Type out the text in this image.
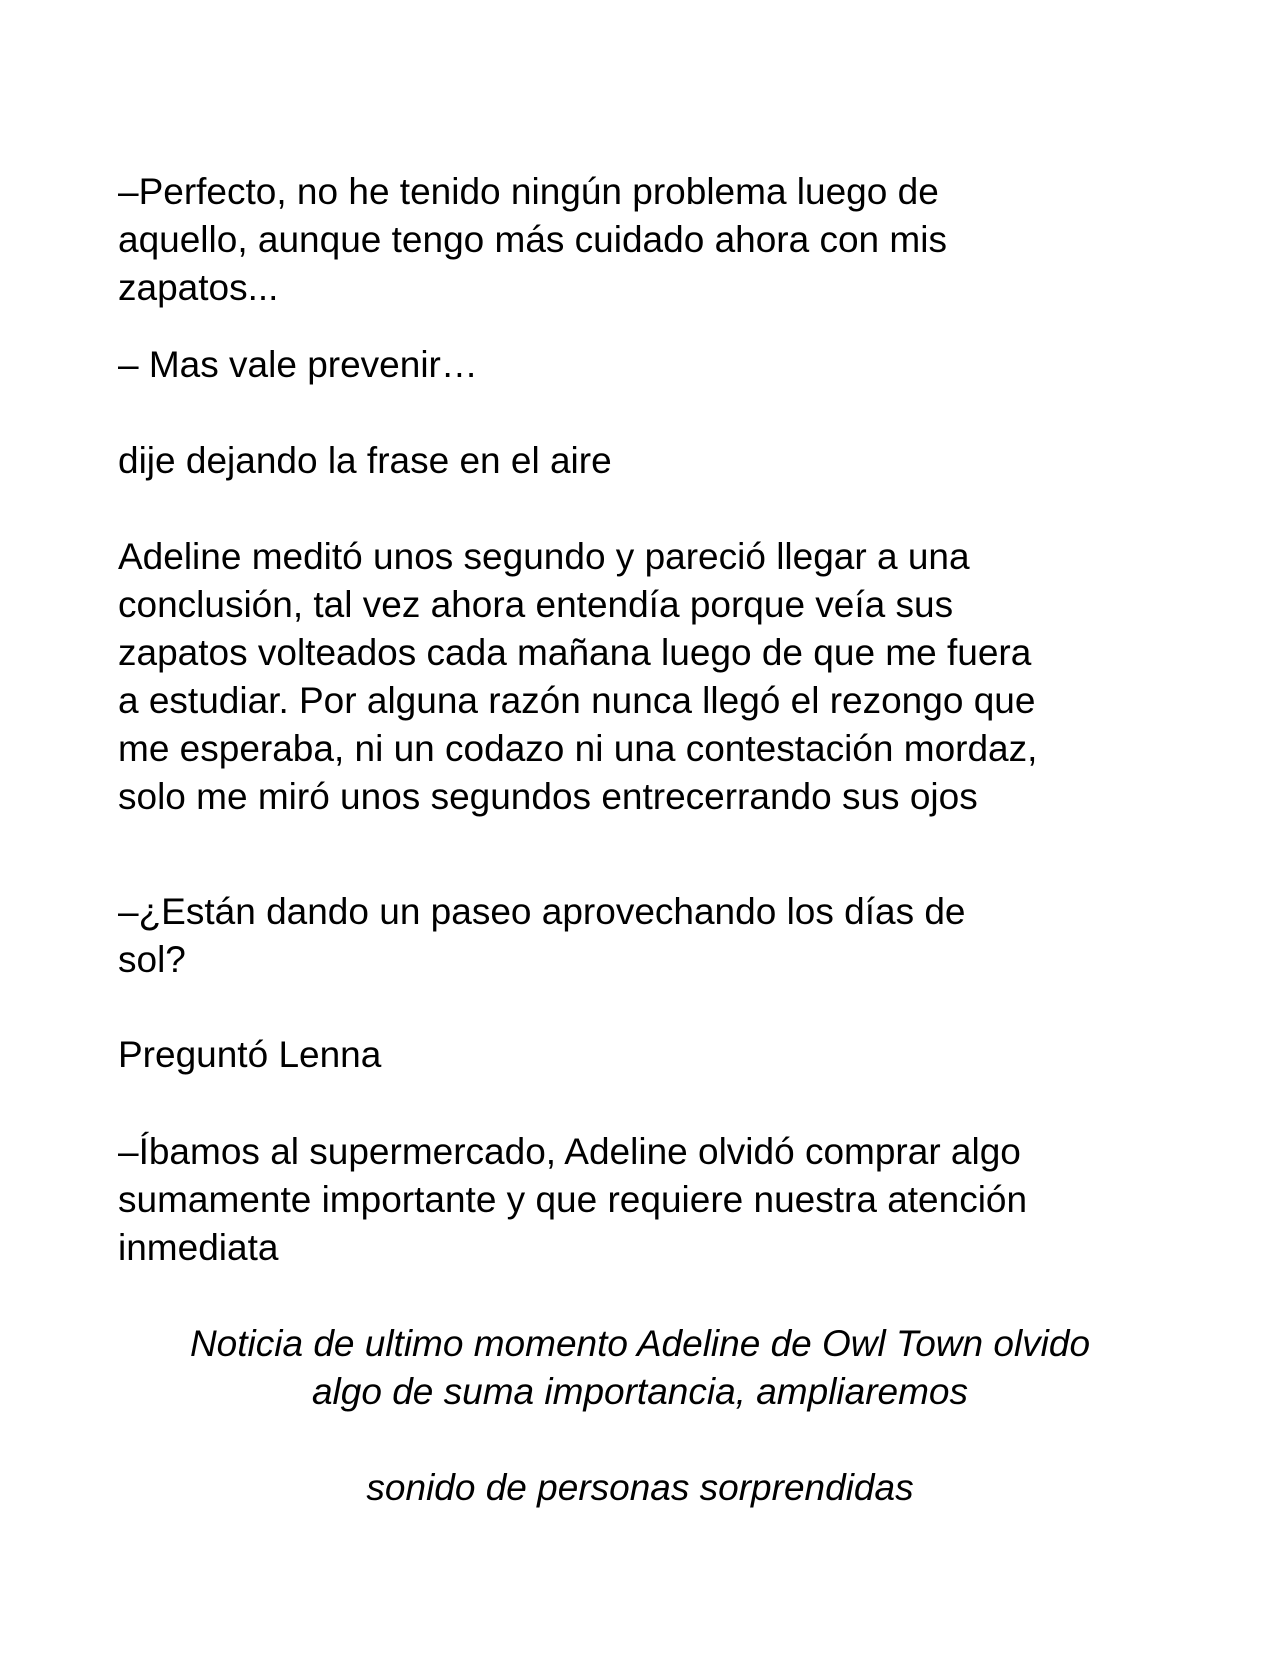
–Perfecto, no he tenido ningún problema luego de
aquello, aunque tengo más cuidado ahora con mis
zapatos...

– Mas vale prevenir…

dije dejando la frase en el aire

Adeline meditó unos segundo y pareció llegar a una
conclusión, tal vez ahora entendía porque veía sus
zapatos volteados cada mañana luego de que me fuera
a estudiar. Por alguna razón nunca llegó el rezongo que
me esperaba, ni un codazo ni una contestación mordaz,
solo me miró unos segundos entrecerrando sus ojos

–¿Están dando un paseo aprovechando los días de
sol?

Preguntó Lenna

–Íbamos al supermercado, Adeline olvidó comprar algo
sumamente importante y que requiere nuestra atención
inmediata

Noticia de ultimo momento Adeline de Owl Town olvido
algo de suma importancia, ampliaremos

sonido de personas sorprendidas
